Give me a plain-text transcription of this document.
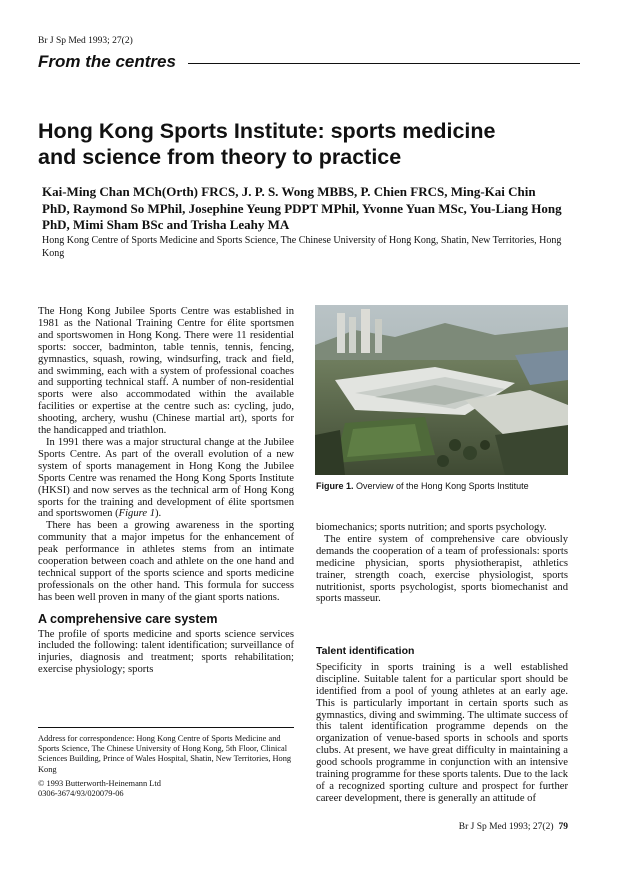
Br J Sp Med 1993; 27(2)
From the centres
Hong Kong Sports Institute: sports medicine and science from theory to practice
Kai-Ming Chan MCh(Orth) FRCS, J. P. S. Wong MBBS, P. Chien FRCS, Ming-Kai Chin PhD, Raymond So MPhil, Josephine Yeung PDPT MPhil, Yvonne Yuan MSc, You-Liang Hong PhD, Mimi Sham BSc and Trisha Leahy MA
Hong Kong Centre of Sports Medicine and Sports Science, The Chinese University of Hong Kong, Shatin, New Territories, Hong Kong

The Hong Kong Jubilee Sports Centre was established in 1981 as the National Training Centre for élite sportsmen and sportswomen in Hong Kong. There were 11 residential sports: soccer, badminton, table tennis, tennis, fencing, gymnastics, squash, rowing, windsurfing, track and field, and swimming, each with a system of professional coaches and supporting technical staff. A number of non-residential sports were also accommodated within the available facilities or expertise at the centre such as: cycling, judo, shooting, archery, wushu (Chinese martial art), sports for the handicapped and triathlon.

In 1991 there was a major structural change at the Jubilee Sports Centre. As part of the overall evolution of a new system of sports management in Hong Kong the Jubilee Sports Centre was renamed the Hong Kong Sports Institute (HKSI) and now serves as the technical arm of Hong Kong sports for the training and development of élite sportsmen and sportswomen (Figure 1).

There has been a growing awareness in the sporting community that a major impetus for the enhancement of peak performance in athletes stems from an intimate cooperation between coach and athlete on the one hand and technical support of the sports science and sports medicine professionals on the other hand. This formula for success has been well proven in many of the giant sports nations.

A comprehensive care system

The profile of sports medicine and sports science services included the following: talent identification; surveillance of injuries, diagnosis and treatment; sports rehabilitation; exercise physiology; sports

Figure 1. Overview of the Hong Kong Sports Institute

biomechanics; sports nutrition; and sports psychology.

The entire system of comprehensive care obviously demands the cooperation of a team of professionals: sports medicine physician, sports physiotherapist, athletics trainer, strength coach, exercise physiologist, sports nutritionist, sports psychologist, sports biomechanist and sports masseur.

Talent identification

Specificity in sports training is a well established discipline. Suitable talent for a particular sport should be identified from a pool of young athletes at an early age. This is particularly important in certain sports such as gymnastics, diving and swimming. The ultimate success of this talent identification programme depends on the organization of venue-based sports in schools and sports clubs. At present, we have great difficulty in maintaining a good schools programme in conjunction with an intensive training programme for these sports talents. Due to the lack of a recognized sporting culture and prospect for further career development, there is generally an attitude of

Address for correspondence: Hong Kong Centre of Sports Medicine and Sports Science, The Chinese University of Hong Kong, 5th Floor, Clinical Sciences Building, Prince of Wales Hospital, Shatin, New Territories, Hong Kong
© 1993 Butterworth-Heinemann Ltd
0306-3674/93/020079-06
Br J Sp Med 1993; 27(2) 79
